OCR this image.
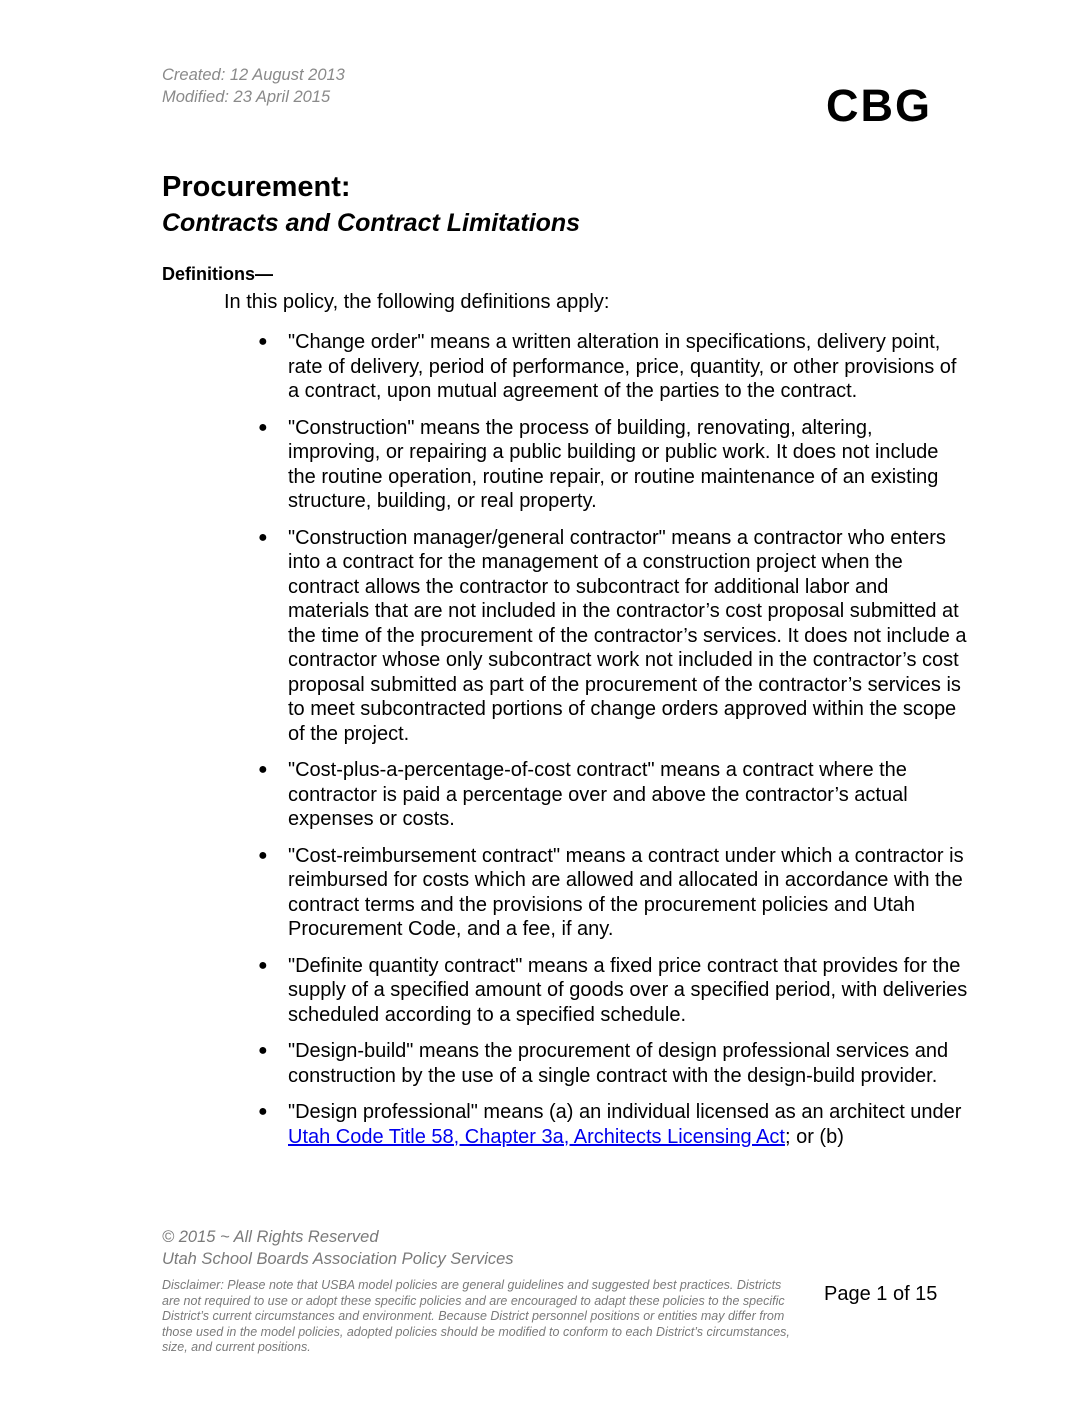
Created: 12 August 2013
Modified: 23 April 2015	CBG
Procurement:
Contracts and Contract Limitations
Definitions—
In this policy, the following definitions apply:
● "Change order" means a written alteration in specifications, delivery point, rate of delivery, period of performance, price, quantity, or other provisions of a contract, upon mutual agreement of the parties to the contract.
● "Construction" means the process of building, renovating, altering, improving, or repairing a public building or public work. It does not include the routine operation, routine repair, or routine maintenance of an existing structure, building, or real property.
● "Construction manager/general contractor" means a contractor who enters into a contract for the management of a construction project when the contract allows the contractor to subcontract for additional labor and materials that are not included in the contractor’s cost proposal submitted at the time of the procurement of the contractor’s services. It does not include a contractor whose only subcontract work not included in the contractor’s cost proposal submitted as part of the procurement of the contractor’s services is to meet subcontracted portions of change orders approved within the scope of the project.
● "Cost-plus-a-percentage-of-cost contract" means a contract where the contractor is paid a percentage over and above the contractor’s actual expenses or costs.
● "Cost-reimbursement contract" means a contract under which a contractor is reimbursed for costs which are allowed and allocated in accordance with the contract terms and the provisions of the procurement policies and Utah Procurement Code, and a fee, if any.
● "Definite quantity contract" means a fixed price contract that provides for the supply of a specified amount of goods over a specified period, with deliveries scheduled according to a specified schedule.
● "Design-build" means the procurement of design professional services and construction by the use of a single contract with the design-build provider.
● "Design professional" means (a) an individual licensed as an architect under Utah Code Title 58, Chapter 3a, Architects Licensing Act; or (b)
© 2015 ~ All Rights Reserved
Utah School Boards Association Policy Services
Disclaimer: Please note that USBA model policies are general guidelines and suggested best practices. Districts are not required to use or adopt these specific policies and are encouraged to adapt these policies to the specific District’s current circumstances and environment. Because District personnel positions or entities may differ from those used in the model policies, adopted policies should be modified to conform to each District’s circumstances, size, and current positions.
Page 1 of 15
